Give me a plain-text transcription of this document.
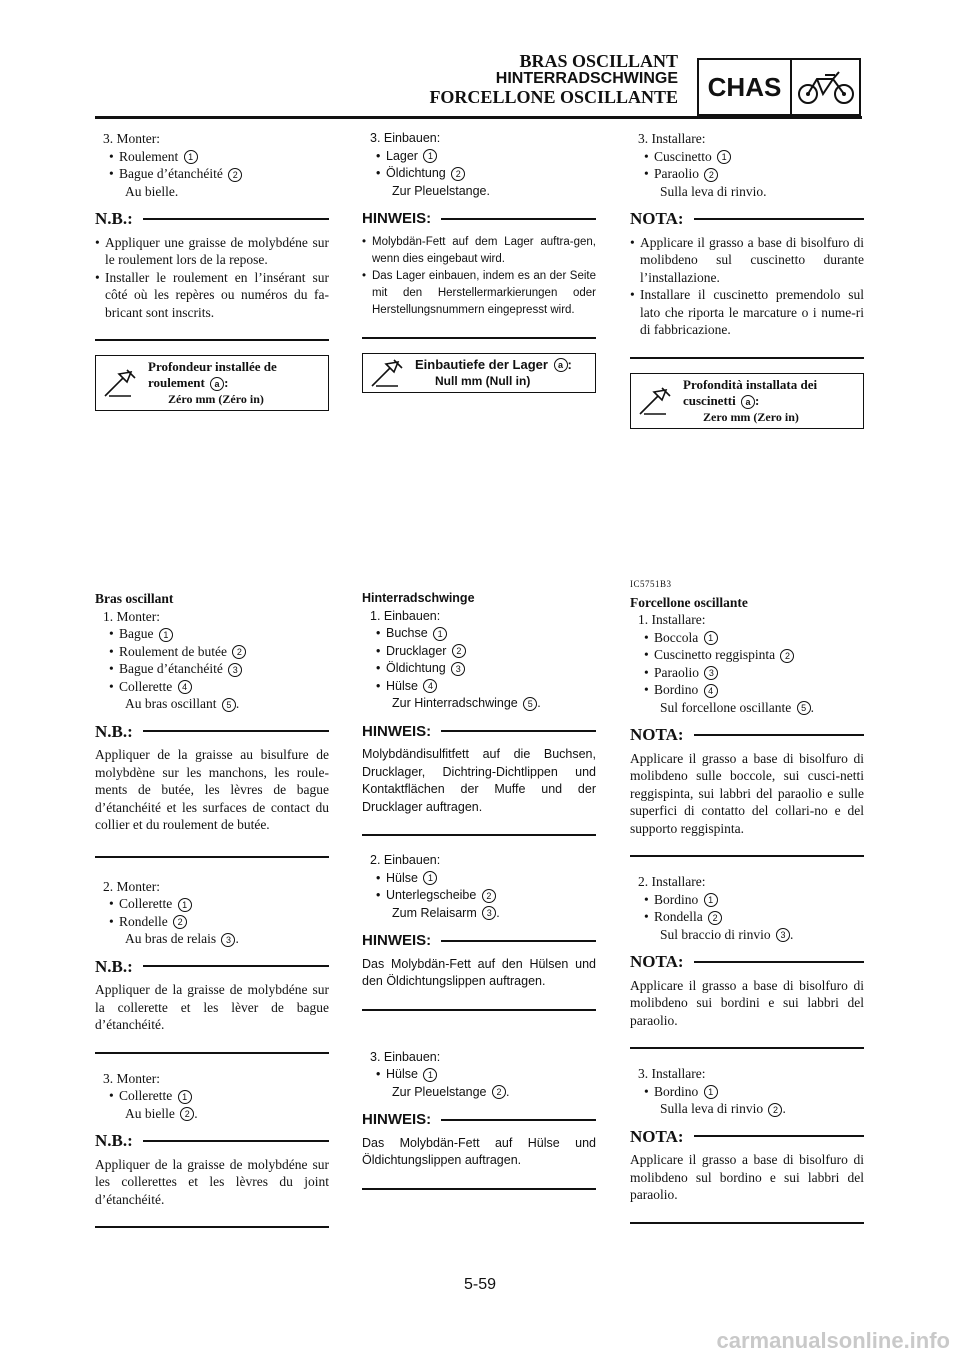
BRAS OSCILLANT
HINTERRADSCHWINGE
FORCELLONE OSCILLANTE	CHAS
3. Monter:
• Roulement 1
• Bague d’étanchéité 2
Au bielle.
N.B.:
• Appliquer une graisse de molybdéne sur le roulement lors de la repose.
• Installer le roulement en l’insérant sur côté où les repères ou numéros du fa-bricant sont inscrits.
Profondeur installée de
roulement a :
Zéro mm (Zéro in)
3. Einbauen:
• Lager 1
• Öldichtung 2
Zur Pleuelstange.
HINWEIS:
• Molybdän-Fett auf dem Lager auftra-gen, wenn dies eingebaut wird.
• Das Lager einbauen, indem es an der Seite mit den Herstellermarkierungen oder Herstellungsnummern eingepresst wird.
Einbautiefe der Lager a :
Null mm (Null in)
3. Installare:
• Cuscinetto 1
• Paraolio 2
Sulla leva di rinvio.
NOTA:
• Applicare il grasso a base di bisolfuro di molibdeno sul cuscinetto durante l’installazione.
• Installare il cuscinetto premendolo sul lato che riporta le marcature o i nume-ri di fabbricazione.
Profondità installata dei
cuscinetti a :
Zero mm (Zero in)
Bras oscillant
1. Monter:
• Bague 1
• Roulement de butée 2
• Bague d’étanchéité 3
• Collerette 4
Au bras oscillant 5 .
N.B.:
Appliquer de la graisse au bisulfure de molybdène sur les manchons, les roule-ments de butée, les lèvres de bague d’étanchéité et les surfaces de contact du collier et du roulement de butée.
2. Monter:
• Collerette 1
• Rondelle 2
Au bras de relais 3 .
N.B.:
Appliquer de la graisse de molybdéne sur la collerette et les lèver de bague d’étanchéité.
3. Monter:
• Collerette 1
Au bielle 2 .
N.B.:
Appliquer de la graisse de molybdéne sur les collerettes et les lèvres du joint d’étanchéité.
Hinterradschwinge
1. Einbauen:
• Buchse 1
• Drucklager 2
• Öldichtung 3
• Hülse 4
Zur Hinterradschwinge 5 .
HINWEIS:
Molybdändisulfitfett auf die Buchsen, Drucklager, Dichtring-Dichtlippen und Kontaktflächen der Muffe und der Drucklager auftragen.
2. Einbauen:
• Hülse 1
• Unterlegscheibe 2
Zum Relaisarm 3 .
HINWEIS:
Das Molybdän-Fett auf den Hülsen und den Öldichtungslippen auftragen.
3. Einbauen:
• Hülse 1
Zur Pleuelstange 2 .
HINWEIS:
Das Molybdän-Fett auf Hülse und Öldichtungslippen auftragen.
IC5751B3
Forcellone oscillante
1. Installare:
• Boccola 1
• Cuscinetto reggispinta 2
• Paraolio 3
• Bordino 4
Sul forcellone oscillante 5 .
NOTA:
Applicare il grasso a base di bisolfuro di molibdeno sulle boccole, sui cusci-netti reggispinta, sui labbri del paraolio e sulle superfici di contatto del collari-no e del supporto reggispinta.
2. Installare:
• Bordino 1
• Rondella 2
Sul braccio di rinvio 3 .
NOTA:
Applicare il grasso a base di bisolfuro di molibdeno sui bordini e sui labbri del paraolio.
3. Installare:
• Bordino 1
Sulla leva di rinvio 2 .
NOTA:
Applicare il grasso a base di bisolfuro di molibdeno sul bordino e sui labbri del paraolio.
5-59
carmanualsonline.info
